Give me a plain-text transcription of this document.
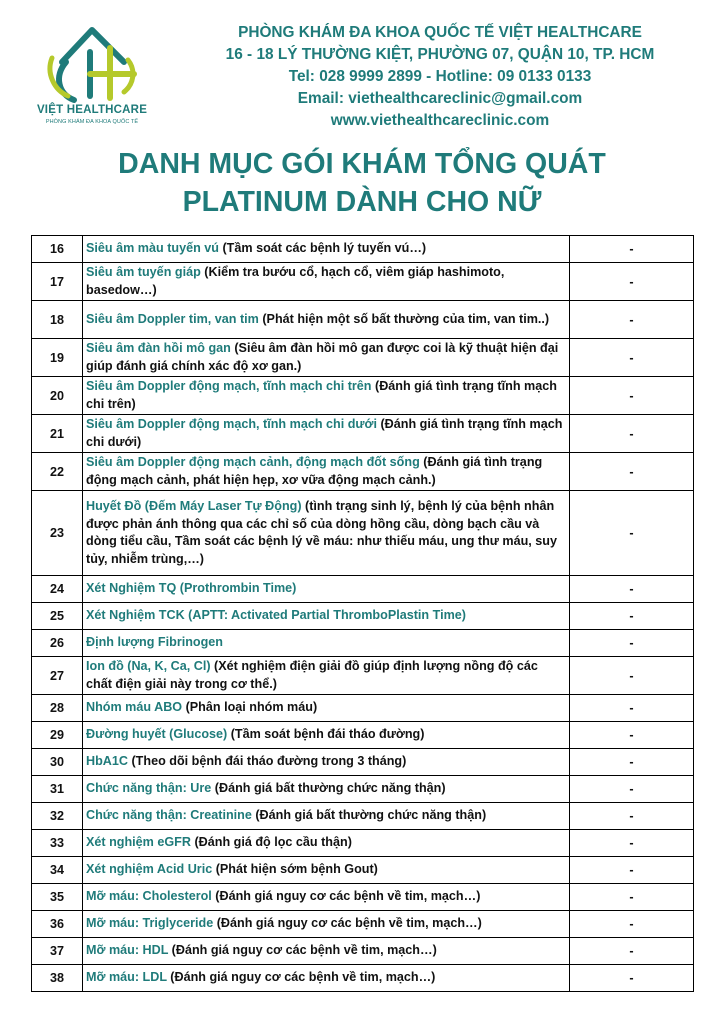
VIỆT HEALTHCARE
PHÒNG KHÁM ĐA KHOA QUỐC TẾ
PHÒNG KHÁM ĐA KHOA QUỐC TẾ VIỆT HEALTHCARE
16 - 18 LÝ THƯỜNG KIỆT, PHƯỜNG 07, QUẬN 10, TP. HCM
Tel: 028 9999 2899 - Hotline: 09 0133 0133
Email: viethealthcareclinic@gmail.com
www.viethealthcareclinic.com
DANH MỤC GÓI KHÁM TỔNG QUÁT
PLATINUM DÀNH CHO NỮ
16	Siêu âm màu tuyến vú (Tầm soát các bệnh lý tuyến vú…)	-
17	Siêu âm tuyến giáp (Kiểm tra bướu cổ, hạch cổ, viêm giáp hashimoto, basedow…)	-
18	Siêu âm Doppler tim, van tim (Phát hiện một số bất thường của tim, van tim..)	-
19	Siêu âm đàn hồi mô gan (Siêu âm đàn hồi mô gan được coi là kỹ thuật hiện đại giúp đánh giá chính xác độ xơ gan.)	-
20	Siêu âm Doppler động mạch, tĩnh mạch chi trên (Đánh giá tình trạng tĩnh mạch chi trên)	-
21	Siêu âm Doppler động mạch, tĩnh mạch chi dưới (Đánh giá tình trạng tĩnh mạch chi dưới)	-
22	Siêu âm Doppler động mạch cảnh, động mạch đốt sống (Đánh giá tình trạng động mạch cảnh, phát hiện hẹp, xơ vữa động mạch cảnh.)	-
23	Huyết Đồ (Đếm Máy Laser Tự Động) (tình trạng sinh lý, bệnh lý của bệnh nhân được phản ánh thông qua các chỉ số của dòng hồng cầu, dòng bạch cầu và dòng tiểu cầu, Tầm soát các bệnh lý về máu: như thiếu máu, ung thư máu, suy tủy, nhiễm trùng,…)	-
24	Xét Nghiệm TQ (Prothrombin Time)	-
25	Xét Nghiệm TCK (APTT: Activated Partial ThromboPlastin Time)	-
26	Định lượng Fibrinogen	-
27	Ion đồ (Na, K, Ca, Cl) (Xét nghiệm điện giải đồ giúp định lượng nồng độ các chất điện giải này trong cơ thể.)	-
28	Nhóm máu ABO (Phân loại nhóm máu)	-
29	Đường huyết (Glucose) (Tầm soát bệnh đái tháo đường)	-
30	HbA1C (Theo dõi bệnh đái tháo đường trong 3 tháng)	-
31	Chức năng thận: Ure (Đánh giá bất thường chức năng thận)	-
32	Chức năng thận: Creatinine (Đánh giá bất thường chức năng thận)	-
33	Xét nghiệm eGFR (Đánh giá độ lọc cầu thận)	-
34	Xét nghiệm Acid Uric (Phát hiện sớm bệnh Gout)	-
35	Mỡ máu: Cholesterol (Đánh giá nguy cơ các bệnh về tim, mạch…)	-
36	Mỡ máu: Triglyceride (Đánh giá nguy cơ các bệnh về tim, mạch…)	-
37	Mỡ máu: HDL (Đánh giá nguy cơ các bệnh về tim, mạch…)	-
38	Mỡ máu: LDL (Đánh giá nguy cơ các bệnh về tim, mạch…)	-
